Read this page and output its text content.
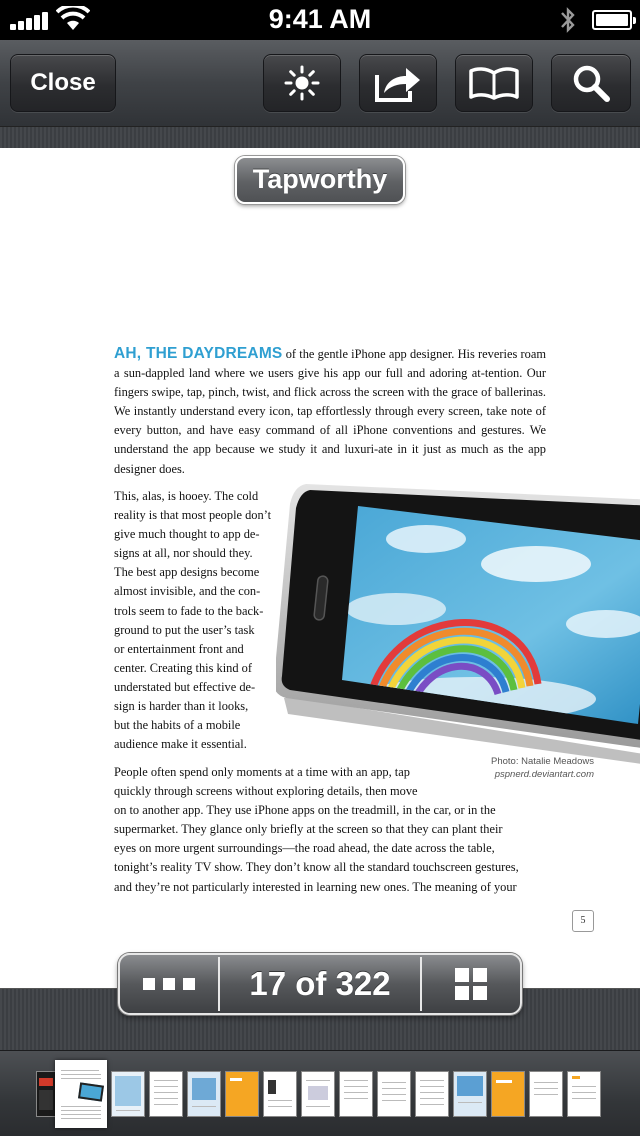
9:41 AM
Close
Tapworthy
AH, THE DAYDREAMS of the gentle iPhone app designer. His reveries roam a sun-dappled land where we users give his app our full and adoring at-tention. Our fingers swipe, tap, pinch, twist, and flick across the screen with the grace of ballerinas. We instantly understand every icon, tap effortlessly through every screen, take note of every button, and have easy command of all iPhone conventions and gestures. We understand the app because we study it and luxuri-ate in it just as much as the app designer does.
This, alas, is hooey. The cold
reality is that most people don’t
give much thought to app de-
signs at all, nor should they.
The best app designs become
almost invisible, and the con-
trols seem to fade to the back-
ground to put the user’s task
or entertainment front and
center. Creating this kind of
understated but effective de-
sign is harder than it looks,
but the habits of a mobile
audience make it essential.
Photo: Natalie Meadows
pspnerd.deviantart.com
People often spend only moments at a time with an app, tap
quickly through screens without exploring details, then move
on to another app. They use iPhone apps on the treadmill, in the car, or in the
supermarket. They glance only briefly at the screen so that they can plant their
eyes on more urgent surroundings—the road ahead, the date across the table,
tonight’s reality TV show. They don’t know all the standard touchscreen gestures,
and they’re not particularly interested in learning new ones. The meaning of your
5
17 of 322
